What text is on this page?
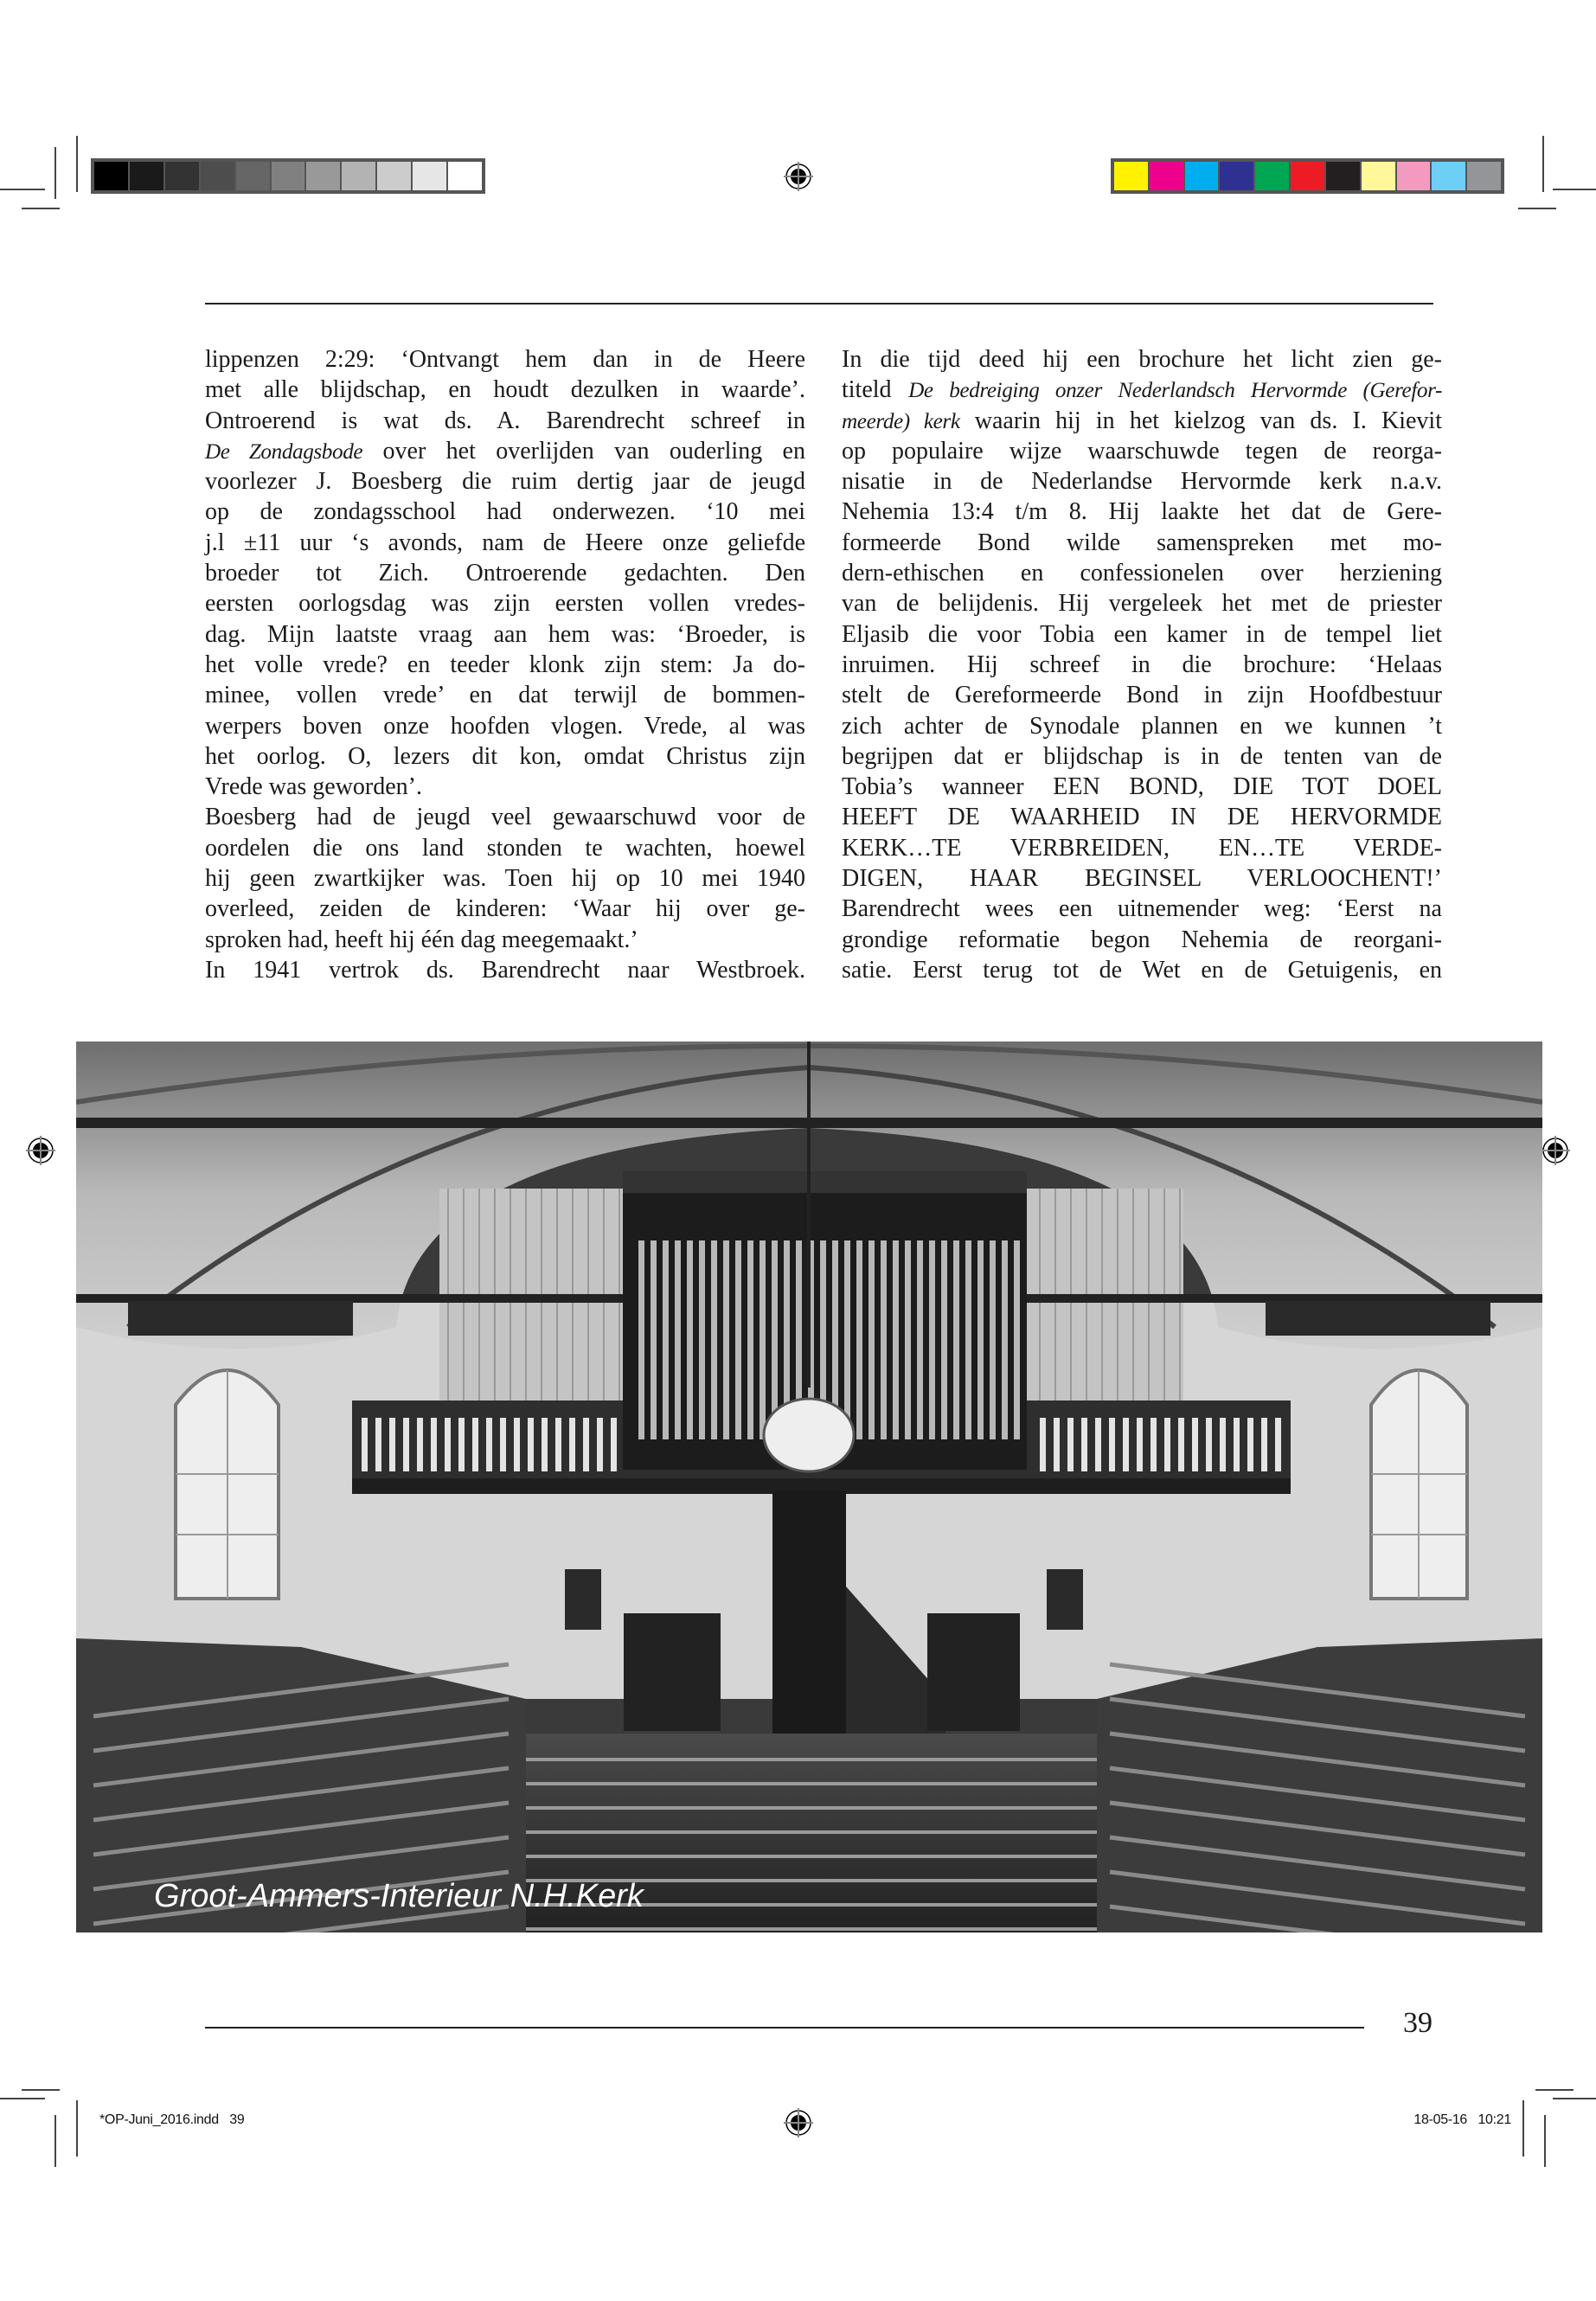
lippenzen 2:29: ‘Ontvangt hem dan in de Heere
met alle blijdschap, en houdt dezulken in waarde’.
Ontroerend is wat ds. A. Barendrecht schreef in
De Zondagsbode over het overlijden van ouderling en
voorlezer J. Boesberg die ruim dertig jaar de jeugd
op de zondagsschool had onderwezen. ‘10 mei
j.l ±11 uur ‘s avonds, nam de Heere onze geliefde
broeder tot Zich. Ontroerende gedachten. Den
eersten oorlogsdag was zijn eersten vollen vredes-
dag. Mijn laatste vraag aan hem was: ‘Broeder, is
het volle vrede? en teeder klonk zijn stem: Ja do-
minee, vollen vrede’ en dat terwijl de bommen-
werpers boven onze hoofden vlogen. Vrede, al was
het oorlog. O, lezers dit kon, omdat Christus zijn
Vrede was geworden’.
Boesberg had de jeugd veel gewaarschuwd voor de
oordelen die ons land stonden te wachten, hoewel
hij geen zwartkijker was. Toen hij op 10 mei 1940
overleed, zeiden de kinderen: ‘Waar hij over ge-
sproken had, heeft hij één dag meegemaakt.’
In 1941 vertrok ds. Barendrecht naar Westbroek.
In die tijd deed hij een brochure het licht zien ge-
titeld De bedreiging onzer Nederlandsch Hervormde (Gerefor-
meerde) kerk waarin hij in het kielzog van ds. I. Kievit
op populaire wijze waarschuwde tegen de reorga-
nisatie in de Nederlandse Hervormde kerk n.a.v.
Nehemia 13:4 t/m 8. Hij laakte het dat de Gere-
formeerde Bond wilde samenspreken met mo-
dern-ethischen en confessionelen over herziening
van de belijdenis. Hij vergeleek het met de priester
Eljasib die voor Tobia een kamer in de tempel liet
inruimen. Hij schreef in die brochure: ‘Helaas
stelt de Gereformeerde Bond in zijn Hoofdbestuur
zich achter de Synodale plannen en we kunnen ’t
begrijpen dat er blijdschap is in de tenten van de
Tobia’s wanneer EEN BOND, DIE TOT DOEL
HEEFT DE WAARHEID IN DE HERVORMDE
KERK…TE VERBREIDEN, EN…TE VERDE-
DIGEN, HAAR BEGINSEL VERLOOCHENT!’
Barendrecht wees een uitnemender weg: ‘Eerst na
grondige reformatie begon Nehemia de reorgani-
satie. Eerst terug tot de Wet en de Getuigenis, en
Groot-Ammers-Interieur N.H.Kerk
39
*OP-Juni_2016.indd   39	18-05-16   10:21
